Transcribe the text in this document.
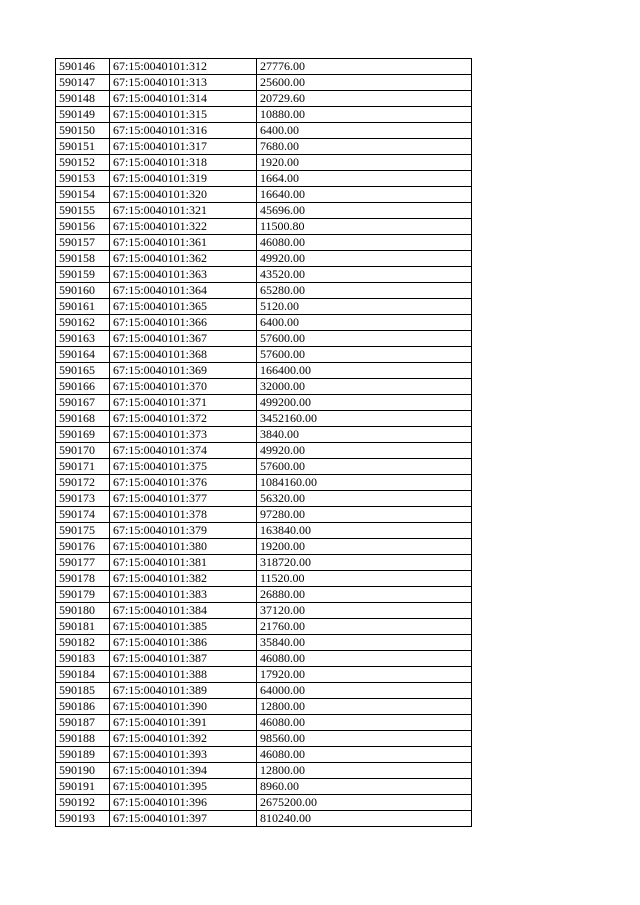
590146	67:15:0040101:312	27776.00
590147	67:15:0040101:313	25600.00
590148	67:15:0040101:314	20729.60
590149	67:15:0040101:315	10880.00
590150	67:15:0040101:316	6400.00
590151	67:15:0040101:317	7680.00
590152	67:15:0040101:318	1920.00
590153	67:15:0040101:319	1664.00
590154	67:15:0040101:320	16640.00
590155	67:15:0040101:321	45696.00
590156	67:15:0040101:322	11500.80
590157	67:15:0040101:361	46080.00
590158	67:15:0040101:362	49920.00
590159	67:15:0040101:363	43520.00
590160	67:15:0040101:364	65280.00
590161	67:15:0040101:365	5120.00
590162	67:15:0040101:366	6400.00
590163	67:15:0040101:367	57600.00
590164	67:15:0040101:368	57600.00
590165	67:15:0040101:369	166400.00
590166	67:15:0040101:370	32000.00
590167	67:15:0040101:371	499200.00
590168	67:15:0040101:372	3452160.00
590169	67:15:0040101:373	3840.00
590170	67:15:0040101:374	49920.00
590171	67:15:0040101:375	57600.00
590172	67:15:0040101:376	1084160.00
590173	67:15:0040101:377	56320.00
590174	67:15:0040101:378	97280.00
590175	67:15:0040101:379	163840.00
590176	67:15:0040101:380	19200.00
590177	67:15:0040101:381	318720.00
590178	67:15:0040101:382	11520.00
590179	67:15:0040101:383	26880.00
590180	67:15:0040101:384	37120.00
590181	67:15:0040101:385	21760.00
590182	67:15:0040101:386	35840.00
590183	67:15:0040101:387	46080.00
590184	67:15:0040101:388	17920.00
590185	67:15:0040101:389	64000.00
590186	67:15:0040101:390	12800.00
590187	67:15:0040101:391	46080.00
590188	67:15:0040101:392	98560.00
590189	67:15:0040101:393	46080.00
590190	67:15:0040101:394	12800.00
590191	67:15:0040101:395	8960.00
590192	67:15:0040101:396	2675200.00
590193	67:15:0040101:397	810240.00
